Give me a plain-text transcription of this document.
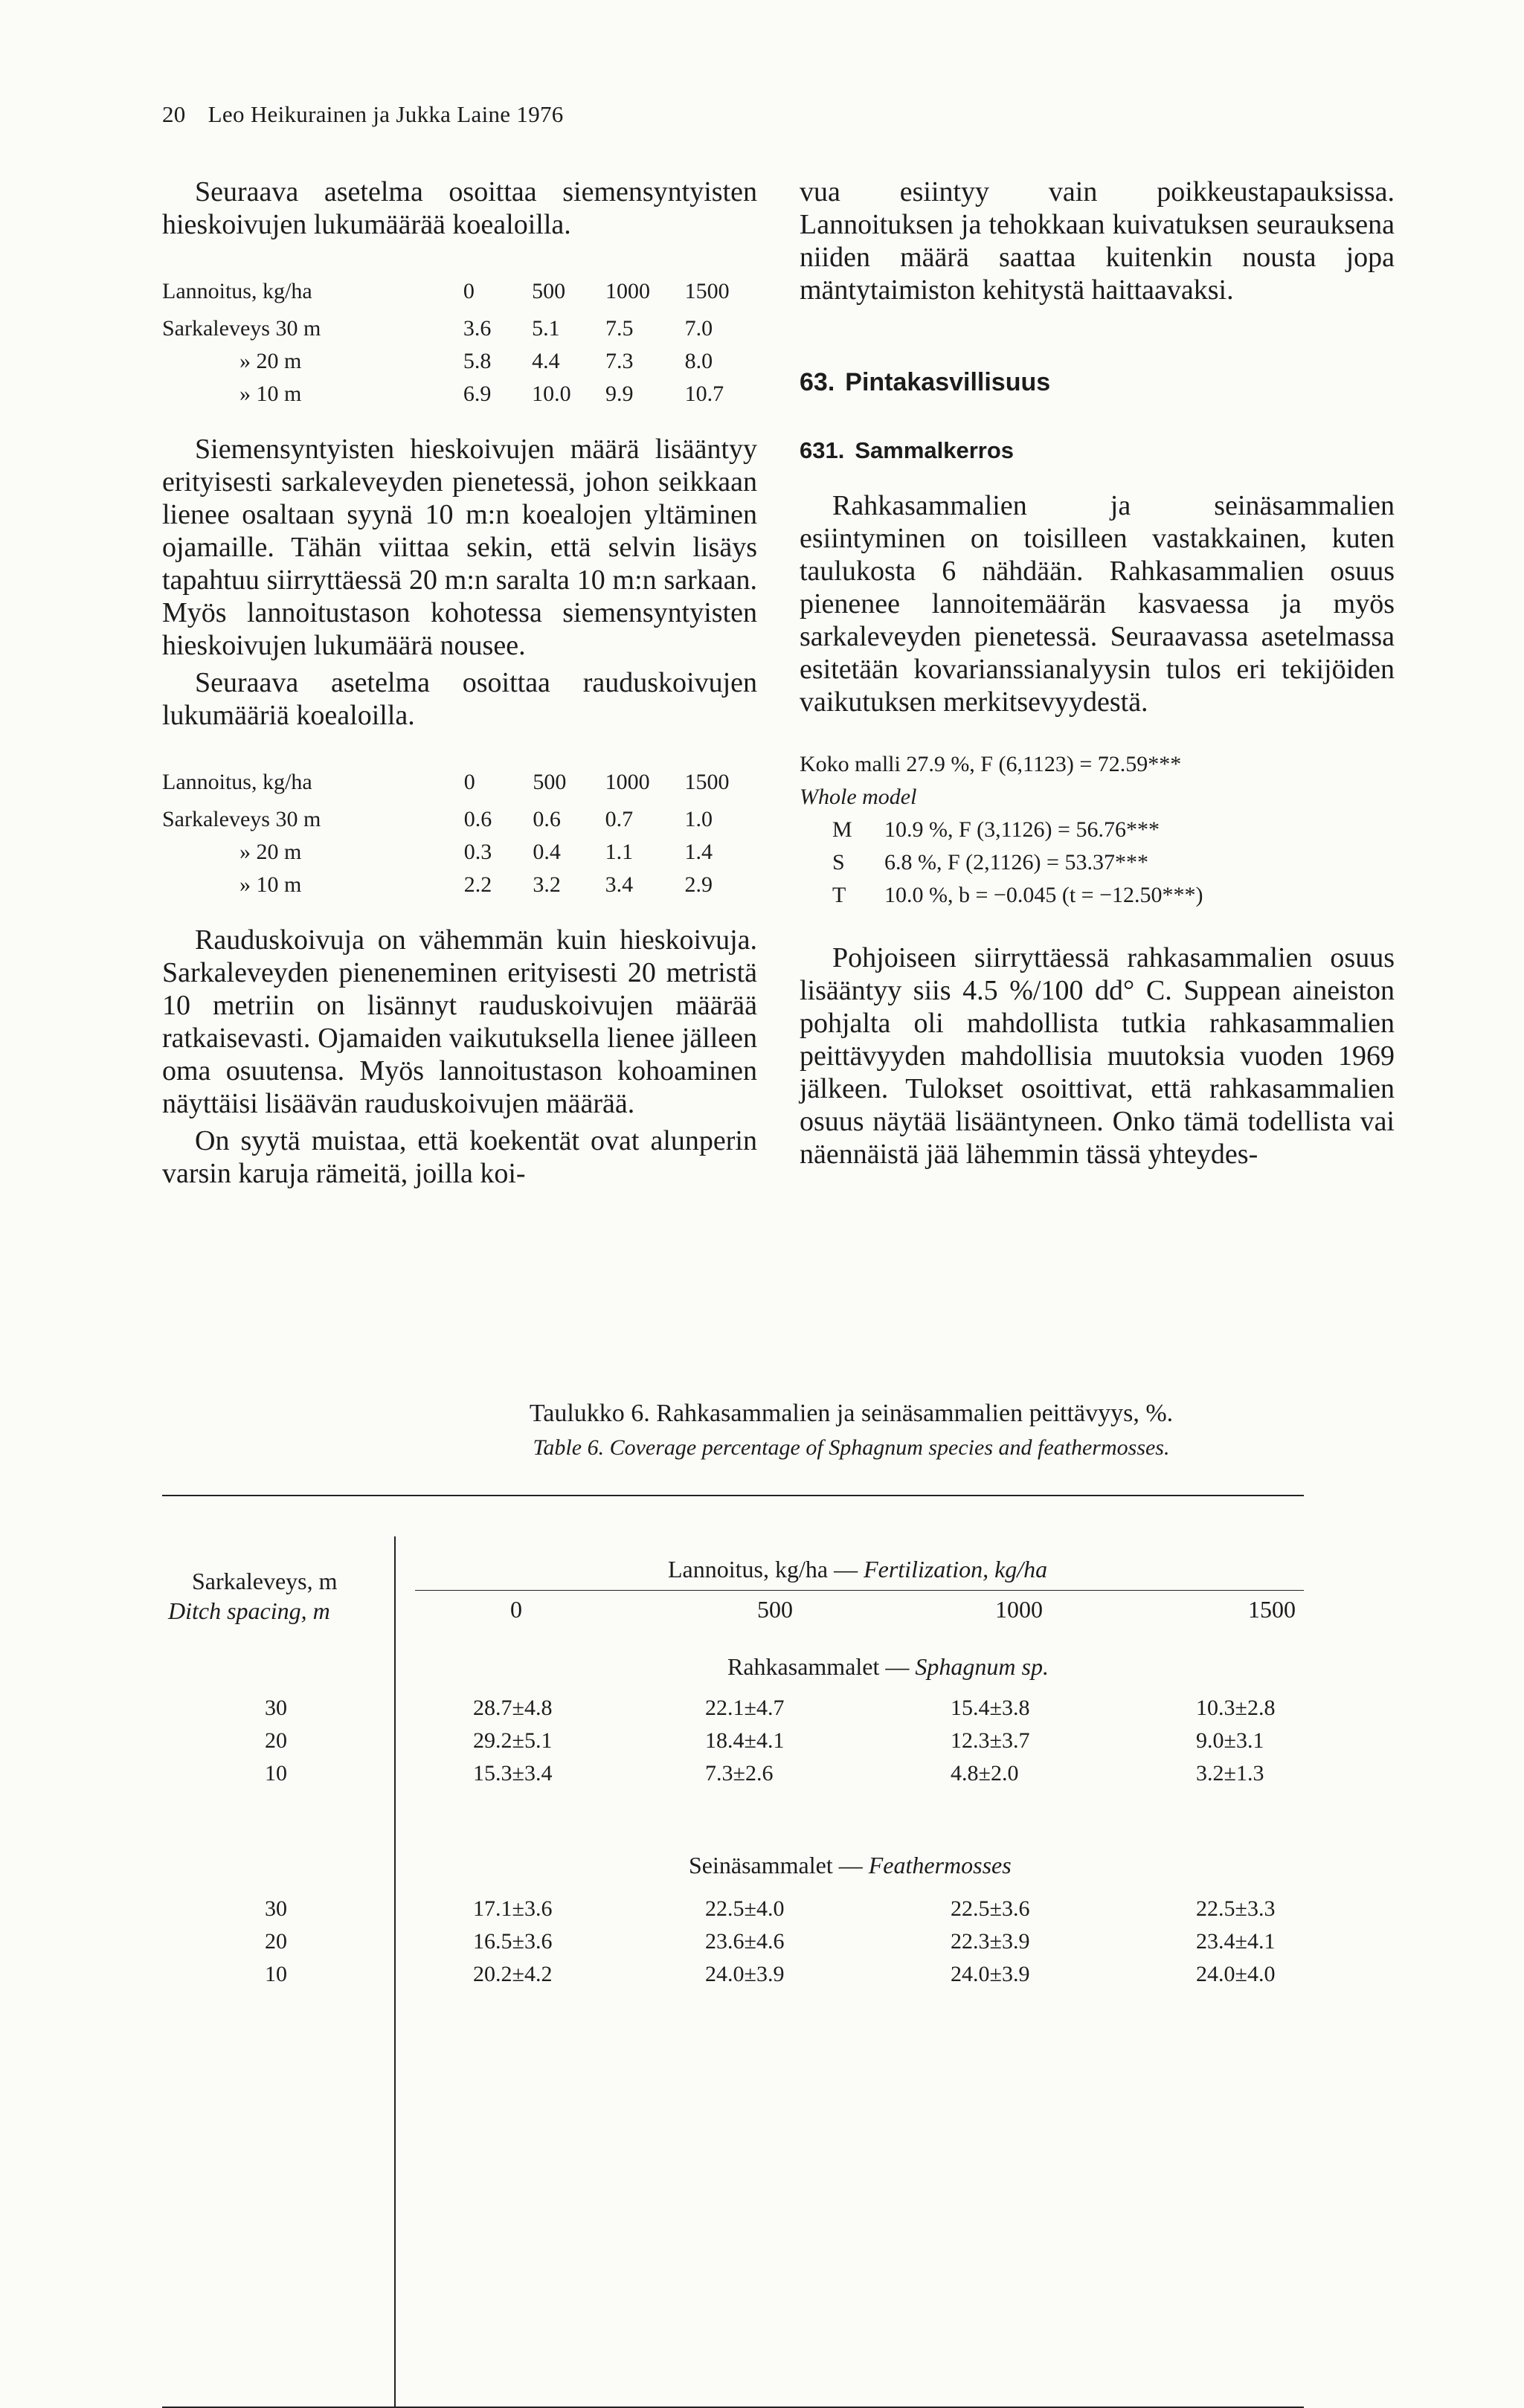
20 Leo Heikurainen ja Jukka Laine 1976

Seuraava asetelma osoittaa siemensyntyisten hieskoivujen lukumäärää koealoilla.

Lannoitus, kg/ha	0	500	1000	1500
Sarkaleveys 30 m	3.6	5.1	7.5	7.0
» 20 m	5.8	4.4	7.3	8.0
» 10 m	6.9	10.0	9.9	10.7

Siemensyntyisten hieskoivujen määrä lisääntyy erityisesti sarkaleveyden pienetessä, johon seikkaan lienee osaltaan syynä 10 m:n koealojen yltäminen ojamaille. Tähän viittaa sekin, että selvin lisäys tapahtuu siirryttäessä 20 m:n saralta 10 m:n sarkaan. Myös lannoitustason kohotessa siemensyntyisten hieskoivujen lukumäärä nousee.

Seuraava asetelma osoittaa rauduskoivujen lukumääriä koealoilla.

Lannoitus, kg/ha	0	500	1000	1500
Sarkaleveys 30 m	0.6	0.6	0.7	1.0
» 20 m	0.3	0.4	1.1	1.4
» 10 m	2.2	3.2	3.4	2.9

Rauduskoivuja on vähemmän kuin hieskoivuja. Sarkaleveyden pieneneminen erityisesti 20 metristä 10 metriin on lisännyt rauduskoivujen määrää ratkaisevasti. Ojamaiden vaikutuksella lienee jälleen oma osuutensa. Myös lannoitustason kohoaminen näyttäisi lisäävän rauduskoivujen määrää.

On syytä muistaa, että koekentät ovat alunperin varsin karuja rämeitä, joilla koi-

vua esiintyy vain poikkeustapauksissa. Lannoituksen ja tehokkaan kuivatuksen seurauksena niiden määrä saattaa kuitenkin nousta jopa mäntytaimiston kehitystä haittaavaksi.

63. Pintakasvillisuus
631. Sammalkerros

Rahkasammalien ja seinäsammalien esiintyminen on toisilleen vastakkainen, kuten taulukosta 6 nähdään. Rahkasammalien osuus pienenee lannoitemäärän kasvaessa ja myös sarkaleveyden pienetessä. Seuraavassa asetelmassa esitetään kovarianssianalyysin tulos eri tekijöiden vaikutuksen merkitsevyydestä.

Koko malli 27.9 %, F (6,1123) = 72.59***
Whole model
M	10.9 %, F (3,1126) = 56.76***
S	6.8 %, F (2,1126) = 53.37***
T	10.0 %, b = −0.045 (t = −12.50***)

Pohjoiseen siirryttäessä rahkasammalien osuus lisääntyy siis 4.5 %/100 dd° C. Suppean aineiston pohjalta oli mahdollista tutkia rahkasammalien peittävyyden mahdollisia muutoksia vuoden 1969 jälkeen. Tulokset osoittivat, että rahkasammalien osuus näytää lisääntyneen. Onko tämä todellista vai näennäistä jää lähemmin tässä yhteydes-

Taulukko 6. Rahkasammalien ja seinäsammalien peittävyys, %.
Table 6. Coverage percentage of Sphagnum species and feathermosses.
Sarkaleveys, m
Ditch spacing, m
Lannoitus, kg/ha — Fertilization, kg/ha
0	500	1000	1500
Rahkasammalet — Sphagnum sp.
30	28.7±4.8	22.1±4.7	15.4±3.8	10.3±2.8
20	29.2±5.1	18.4±4.1	12.3±3.7	9.0±3.1
10	15.3±3.4	7.3±2.6	4.8±2.0	3.2±1.3
Seinäsammalet — Feathermosses
30	17.1±3.6	22.5±4.0	22.5±3.6	22.5±3.3
20	16.5±3.6	23.6±4.6	22.3±3.9	23.4±4.1
10	20.2±4.2	24.0±3.9	24.0±3.9	24.0±4.0
